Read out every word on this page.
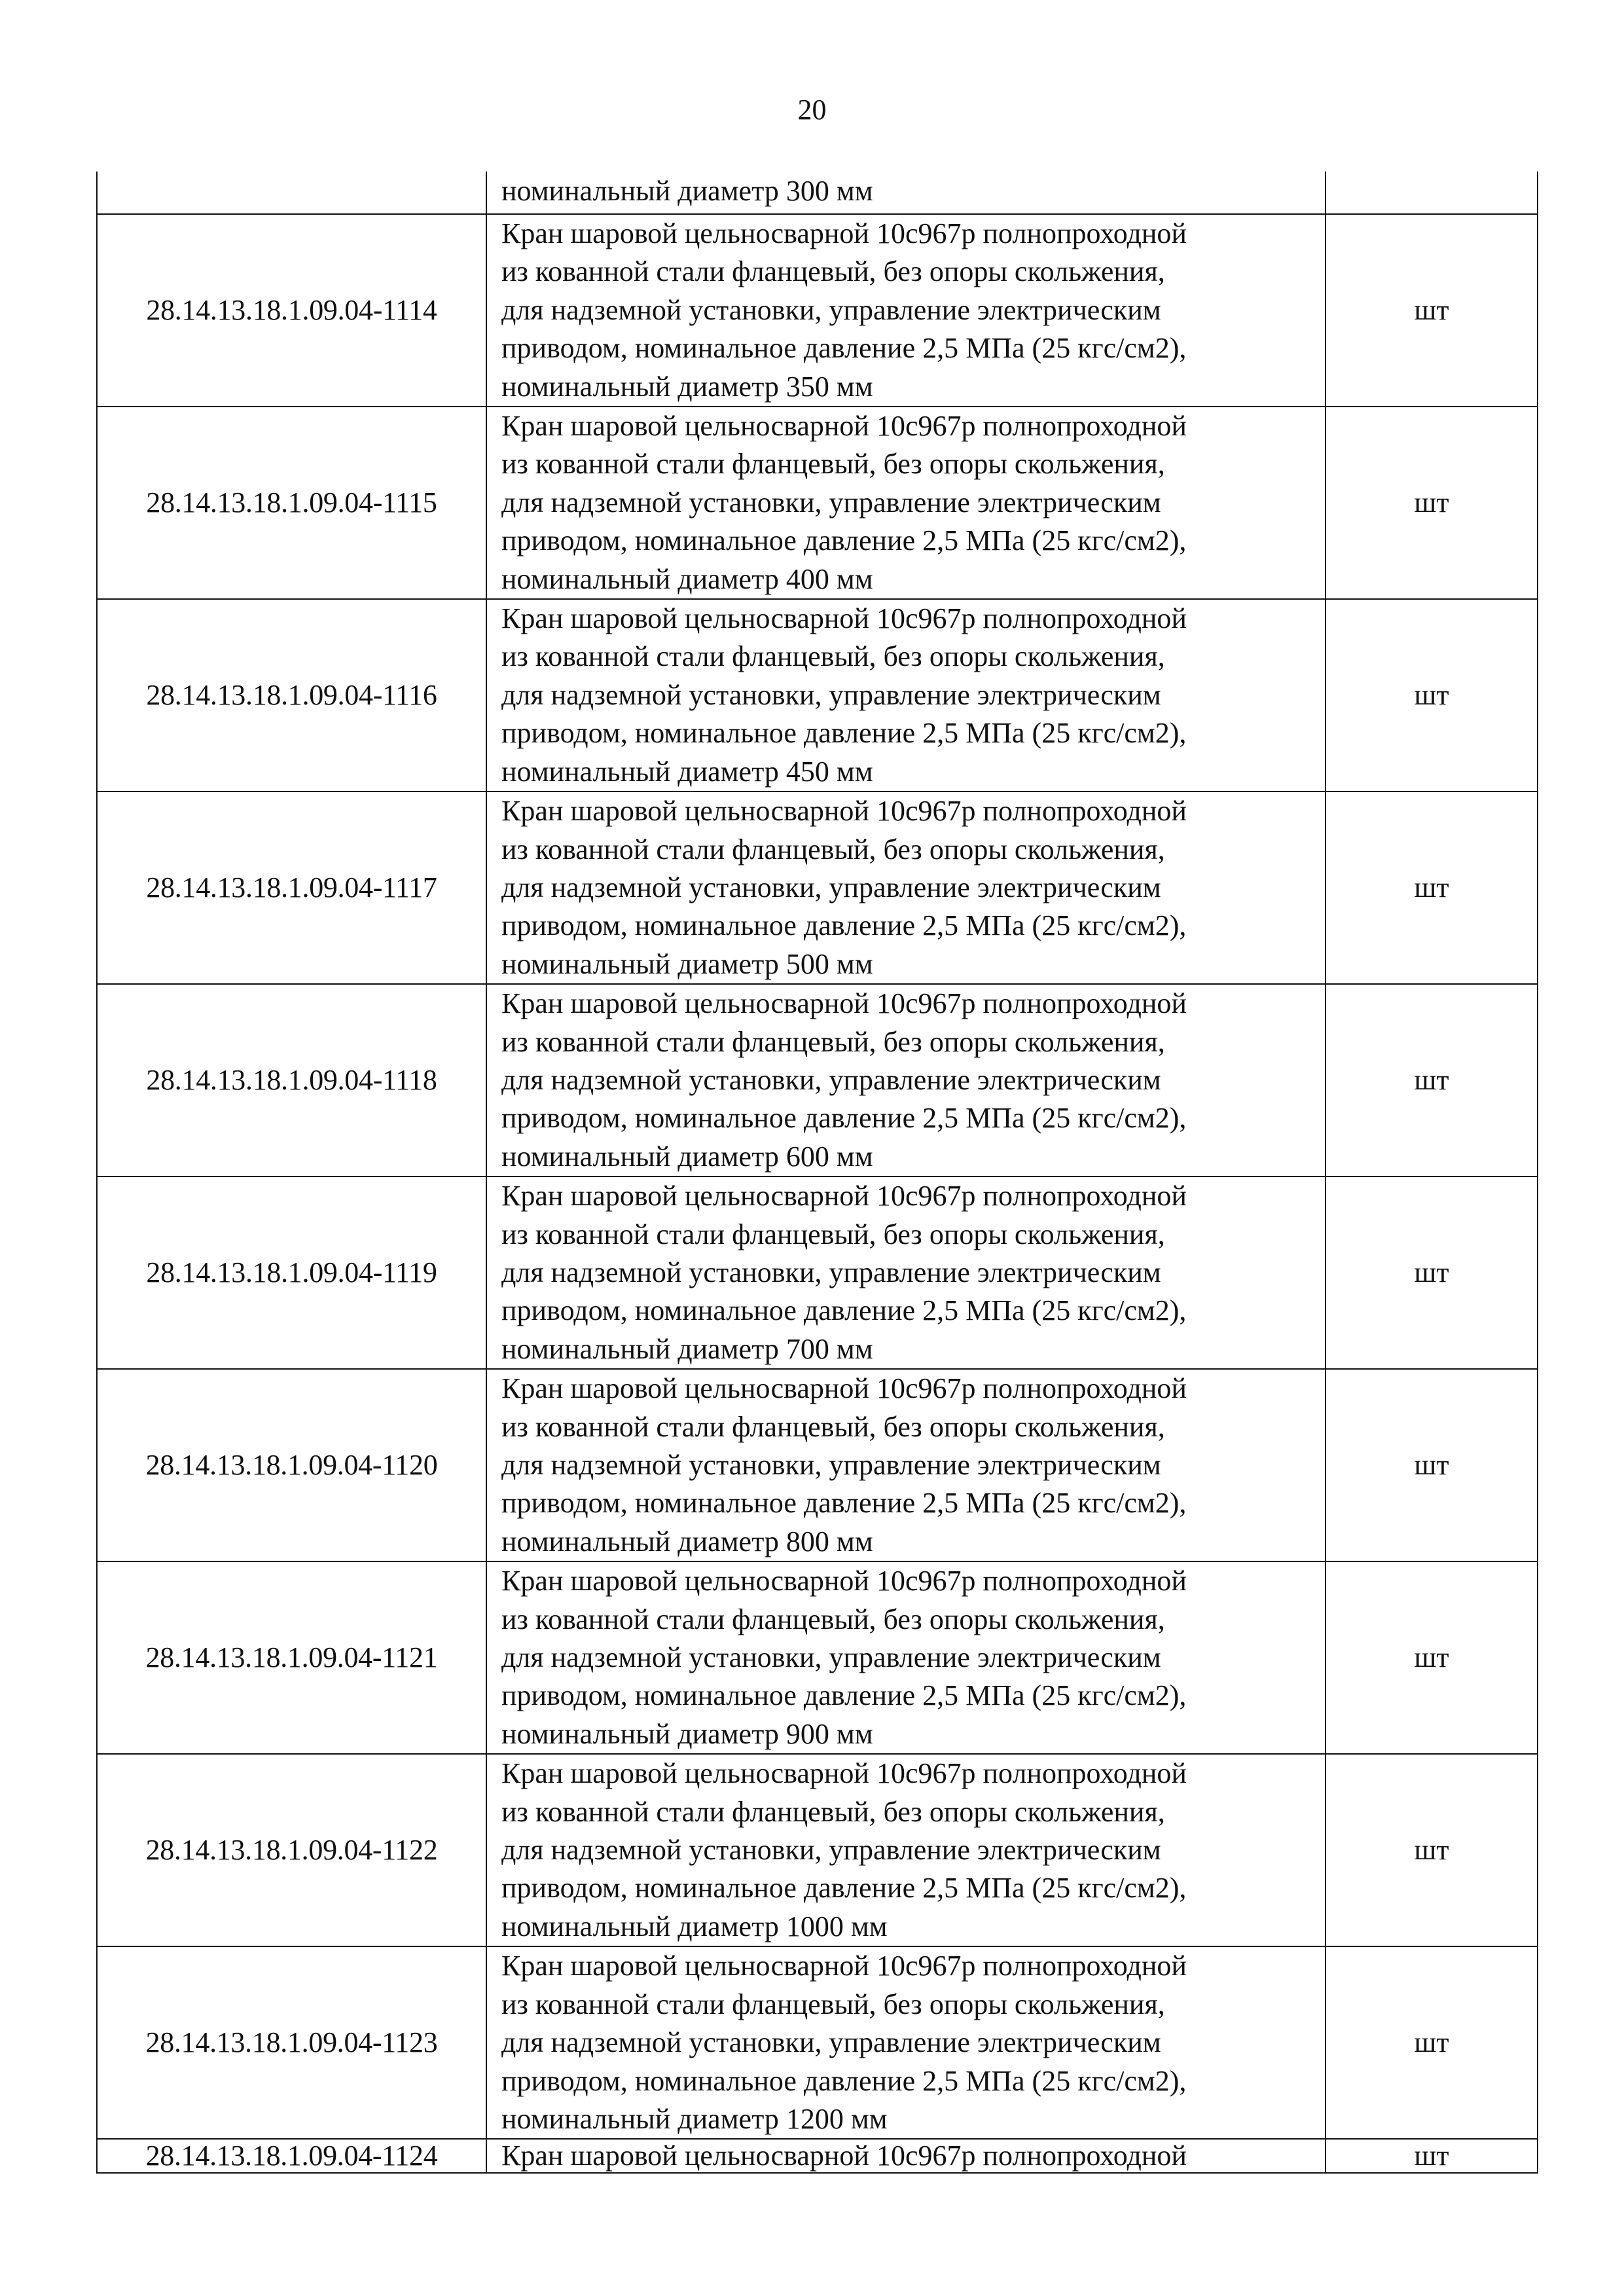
20

	номинальный диаметр 300 мм	

28.14.13.18.1.09.04-1114	Кран шаровой цельносварной 10с967р полнопроходной
из кованной стали фланцевый, без опоры скольжения,
для надземной установки, управление электрическим
приводом, номинальное давление 2,5 МПа (25 кгс/см2),
номинальный диаметр 350 мм	шт
28.14.13.18.1.09.04-1115	Кран шаровой цельносварной 10с967р полнопроходной
из кованной стали фланцевый, без опоры скольжения,
для надземной установки, управление электрическим
приводом, номинальное давление 2,5 МПа (25 кгс/см2),
номинальный диаметр 400 мм	шт
28.14.13.18.1.09.04-1116	Кран шаровой цельносварной 10с967р полнопроходной
из кованной стали фланцевый, без опоры скольжения,
для надземной установки, управление электрическим
приводом, номинальное давление 2,5 МПа (25 кгс/см2),
номинальный диаметр 450 мм	шт
28.14.13.18.1.09.04-1117	Кран шаровой цельносварной 10с967р полнопроходной
из кованной стали фланцевый, без опоры скольжения,
для надземной установки, управление электрическим
приводом, номинальное давление 2,5 МПа (25 кгс/см2),
номинальный диаметр 500 мм	шт
28.14.13.18.1.09.04-1118	Кран шаровой цельносварной 10с967р полнопроходной
из кованной стали фланцевый, без опоры скольжения,
для надземной установки, управление электрическим
приводом, номинальное давление 2,5 МПа (25 кгс/см2),
номинальный диаметр 600 мм	шт
28.14.13.18.1.09.04-1119	Кран шаровой цельносварной 10с967р полнопроходной
из кованной стали фланцевый, без опоры скольжения,
для надземной установки, управление электрическим
приводом, номинальное давление 2,5 МПа (25 кгс/см2),
номинальный диаметр 700 мм	шт
28.14.13.18.1.09.04-1120	Кран шаровой цельносварной 10с967р полнопроходной
из кованной стали фланцевый, без опоры скольжения,
для надземной установки, управление электрическим
приводом, номинальное давление 2,5 МПа (25 кгс/см2),
номинальный диаметр 800 мм	шт
28.14.13.18.1.09.04-1121	Кран шаровой цельносварной 10с967р полнопроходной
из кованной стали фланцевый, без опоры скольжения,
для надземной установки, управление электрическим
приводом, номинальное давление 2,5 МПа (25 кгс/см2),
номинальный диаметр 900 мм	шт
28.14.13.18.1.09.04-1122	Кран шаровой цельносварной 10с967р полнопроходной
из кованной стали фланцевый, без опоры скольжения,
для надземной установки, управление электрическим
приводом, номинальное давление 2,5 МПа (25 кгс/см2),
номинальный диаметр 1000 мм	шт
28.14.13.18.1.09.04-1123	Кран шаровой цельносварной 10с967р полнопроходной
из кованной стали фланцевый, без опоры скольжения,
для надземной установки, управление электрическим
приводом, номинальное давление 2,5 МПа (25 кгс/см2),
номинальный диаметр 1200 мм	шт
28.14.13.18.1.09.04-1124	Кран шаровой цельносварной 10с967р полнопроходной	шт
